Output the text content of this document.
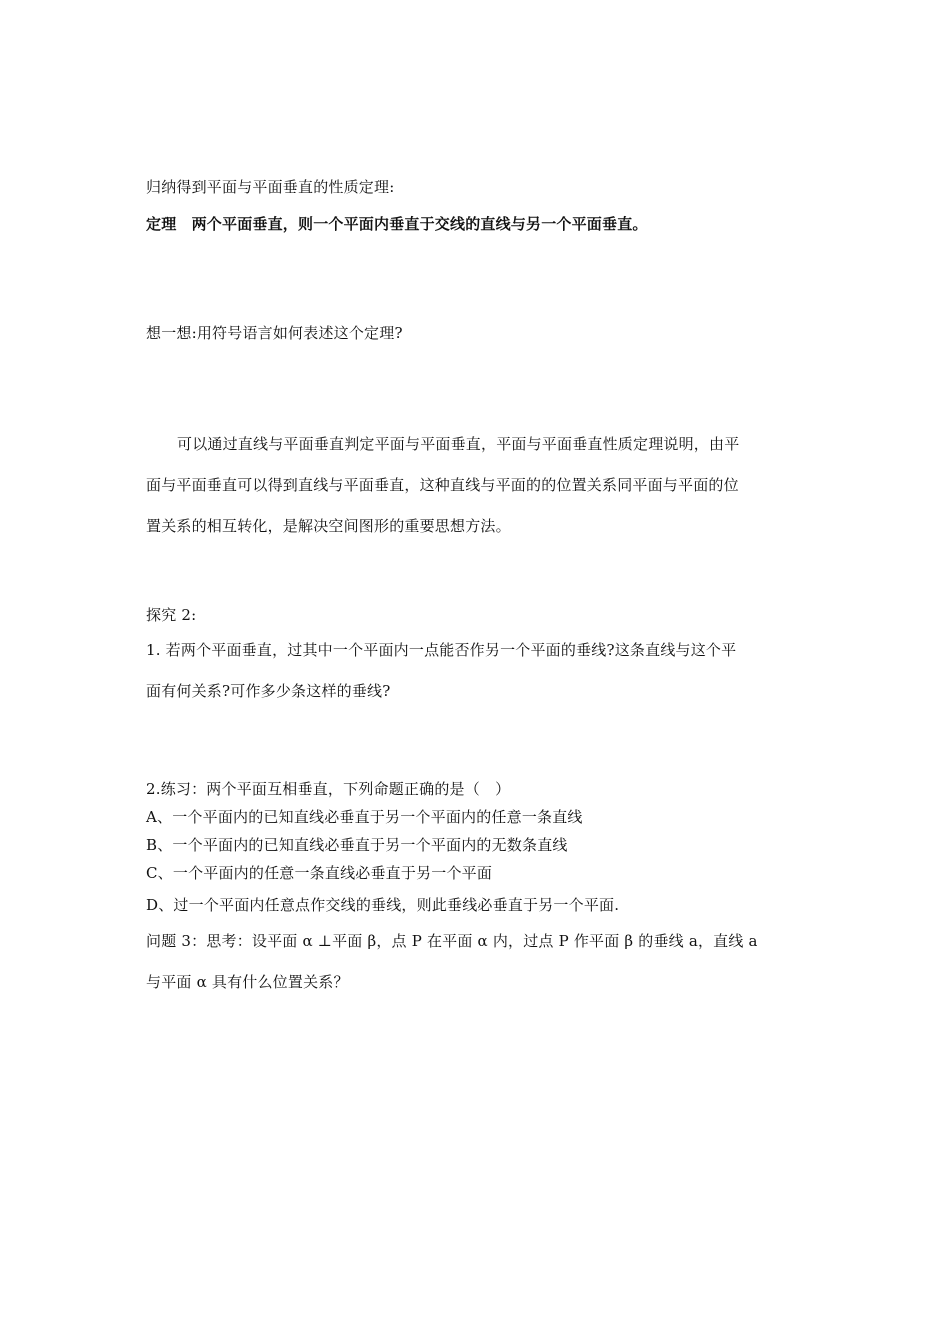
归纳得到平面与平面垂直的性质定理:
定理　两个平面垂直，则一个平面内垂直于交线的直线与另一个平面垂直。
想一想:用符号语言如何表述这个定理?
可以通过直线与平面垂直判定平面与平面垂直，平面与平面垂直性质定理说明，由平
面与平面垂直可以得到直线与平面垂直，这种直线与平面的的位置关系同平面与平面的位
置关系的相互转化，是解决空间图形的重要思想方法。
探究 2:
1. 若两个平面垂直，过其中一个平面内一点能否作另一个平面的垂线?这条直线与这个平
面有何关系?可作多少条这样的垂线?
2.练习：两个平面互相垂直，下列命题正确的是（　）
A、一个平面内的已知直线必垂直于另一个平面内的任意一条直线
B、一个平面内的已知直线必垂直于另一个平面内的无数条直线
C、一个平面内的任意一条直线必垂直于另一个平面
D、过一个平面内任意点作交线的垂线，则此垂线必垂直于另一个平面.
问题 3：思考：设平面 α ⊥平面 β，点 P 在平面 α 内，过点 P 作平面 β 的垂线 a，直线 a
与平面 α 具有什么位置关系？
